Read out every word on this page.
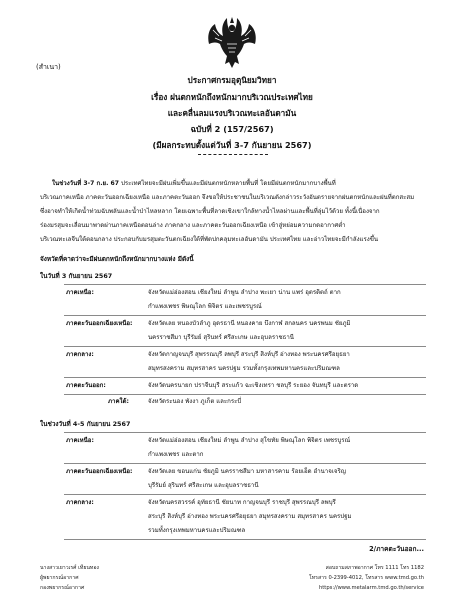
(สำเนา)
ประกาศกรมอุตุนิยมวิทยา
เรื่อง ฝนตกหนักถึงหนักมากบริเวณประเทศไทย
และคลื่นลมแรงบริเวณทะเลอันดามัน
ฉบับที่ 2 (157/2567)
(มีผลกระทบตั้งแต่วันที่ 3-7 กันยายน 2567)
ในช่วงวันที่ 3-7 ก.ย. 67 ประเทศไทยจะมีฝนเพิ่มขึ้นและมีฝนตกหนักหลายพื้นที่ โดยมีฝนตกหนักมากบางพื้นที่
บริเวณภาคเหนือ ภาคตะวันออกเฉียงเหนือ และภาคตะวันออก จึงขอให้ประชาชนในบริเวณดังกล่าวระวังอันตรายจากฝนตกหนักและฝนที่ตกสะสม
ซึ่งอาจทำให้เกิดน้ำท่วมฉับพลันและน้ำป่าไหลหลาก โดยเฉพาะพื้นที่ลาดเชิงเขาใกล้ทางน้ำไหลผ่านและพื้นที่ลุ่มไว้ด้วย ทั้งนี้เนื่องจาก
ร่องมรสุมจะเลื่อนมาพาดผ่านภาคเหนือตอนล่าง ภาคกลาง และภาคตะวันออกเฉียงเหนือ เข้าสู่หย่อมความกดอากาศต่ำ
บริเวณทะเลจีนใต้ตอนกลาง ประกอบกับมรสุมตะวันตกเฉียงใต้ที่พัดปกคลุมทะเลอันดามัน ประเทศไทย และอ่าวไทยจะมีกำลังแรงขึ้น
จังหวัดที่คาดว่าจะมีฝนตกหนักถึงหนักมากบางแห่ง มีดังนี้
ในวันที่ 3 กันยายน 2567
ภาคเหนือ:	จังหวัดแม่ฮ่องสอน เชียงใหม่ ลำพูน ลำปาง พะเยา น่าน แพร่ อุตรดิตถ์ ตาก
กำแพงเพชร พิษณุโลก พิจิตร และเพชรบูรณ์
ภาคตะวันออกเฉียงเหนือ:	จังหวัดเลย หนองบัวลำภู อุดรธานี หนองคาย บึงกาฬ สกลนคร นครพนม ชัยภูมิ
นครราชสีมา บุรีรัมย์ สุรินทร์ ศรีสะเกษ และอุบลราชธานี
ภาคกลาง:	จังหวัดกาญจนบุรี สุพรรณบุรี ลพบุรี สระบุรี สิงห์บุรี อ่างทอง พระนครศรีอยุธยา
สมุทรสงคราม สมุทรสาคร นครปฐม รวมทั้งกรุงเทพมหานครและปริมณฑล
ภาคตะวันออก:	จังหวัดนครนายก ปราจีนบุรี สระแก้ว ฉะเชิงเทรา ชลบุรี ระยอง จันทบุรี และตราด
ภาคใต้:	จังหวัดระนอง พังงา ภูเก็ต และกระบี่
ในช่วงวันที่ 4-5 กันยายน 2567
ภาคเหนือ:	จังหวัดแม่ฮ่องสอน เชียงใหม่ ลำพูน ลำปาง สุโขทัย พิษณุโลก พิจิตร เพชรบูรณ์
กำแพงเพชร และตาก
ภาคตะวันออกเฉียงเหนือ:	จังหวัดเลย ขอนแก่น ชัยภูมิ นครราชสีมา มหาสารคาม ร้อยเอ็ด อำนาจเจริญ
บุรีรัมย์ สุรินทร์ ศรีสะเกษ และอุบลราชธานี
ภาคกลาง:	จังหวัดนครสวรรค์ อุทัยธานี ชัยนาท กาญจนบุรี ราชบุรี สุพรรณบุรี ลพบุรี
สระบุรี สิงห์บุรี อ่างทอง พระนครศรีอยุธยา สมุทรสงคราม สมุทรสาคร นครปฐม
รวมทั้งกรุงเทพมหานครและปริมณฑล
2/ภาคตะวันออก...
นางสาวเยาวเรศ์ เทียนทอง
ผู้พยากรณ์อากาศ
กองพยากรณ์อากาศ
สอบถามสภาพอากาศ โทร 1111 โทร 1182
โทรสาร 0-2399-4012, โทรสาร www.tmd.go.th
https://www.metalarm.tmd.go.th/service
